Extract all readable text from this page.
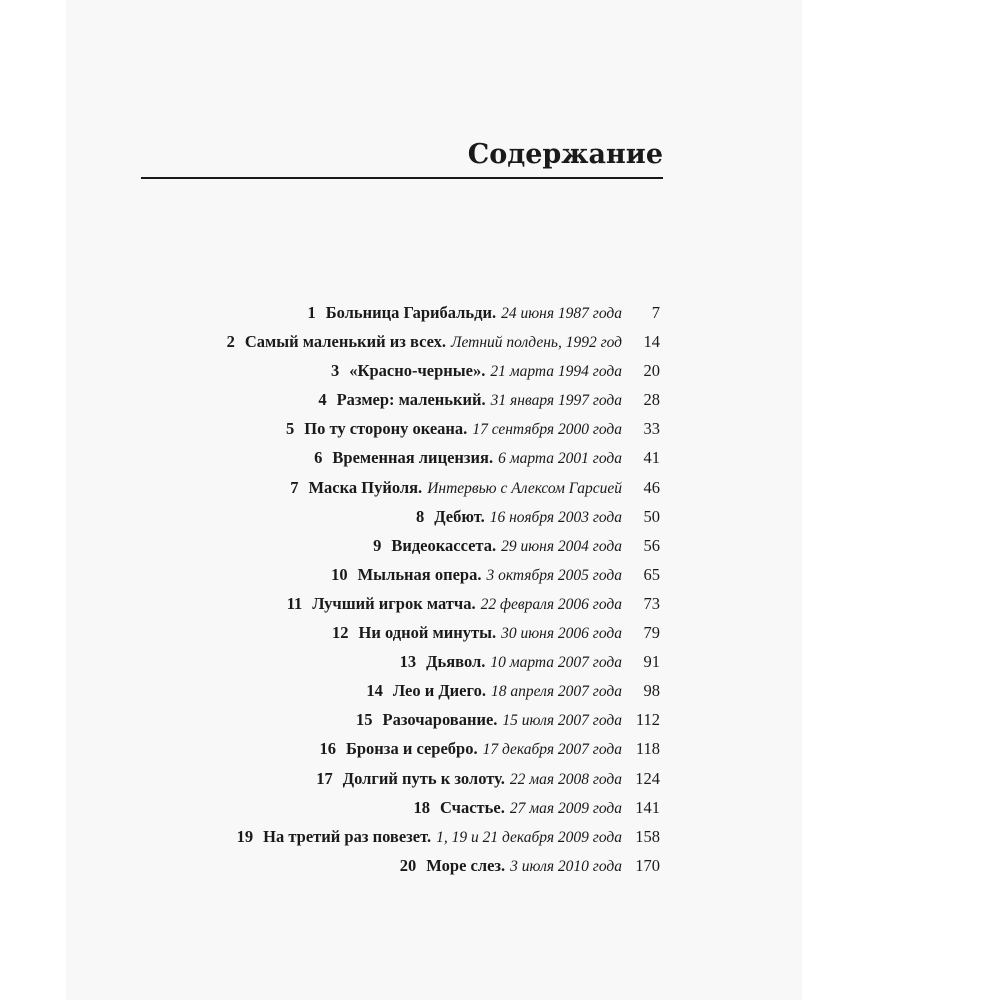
Содержание
1 Больница Гарибальди. 24 июня 1987 года 7
2 Самый маленький из всех. Летний полдень, 1992 год 14
3 «Красно-черные». 21 марта 1994 года 20
4 Размер: маленький. 31 января 1997 года 28
5 По ту сторону океана. 17 сентября 2000 года 33
6 Временная лицензия. 6 марта 2001 года 41
7 Маска Пуйоля. Интервью с Алексом Гарсией 46
8 Дебют. 16 ноября 2003 года 50
9 Видеокассета. 29 июня 2004 года 56
10 Мыльная опера. 3 октября 2005 года 65
11 Лучший игрок матча. 22 февраля 2006 года 73
12 Ни одной минуты. 30 июня 2006 года 79
13 Дьявол. 10 марта 2007 года 91
14 Лео и Диего. 18 апреля 2007 года 98
15 Разочарование. 15 июля 2007 года 112
16 Бронза и серебро. 17 декабря 2007 года 118
17 Долгий путь к золоту. 22 мая 2008 года 124
18 Счастье. 27 мая 2009 года 141
19 На третий раз повезет. 1, 19 и 21 декабря 2009 года 158
20 Море слез. 3 июля 2010 года 170
